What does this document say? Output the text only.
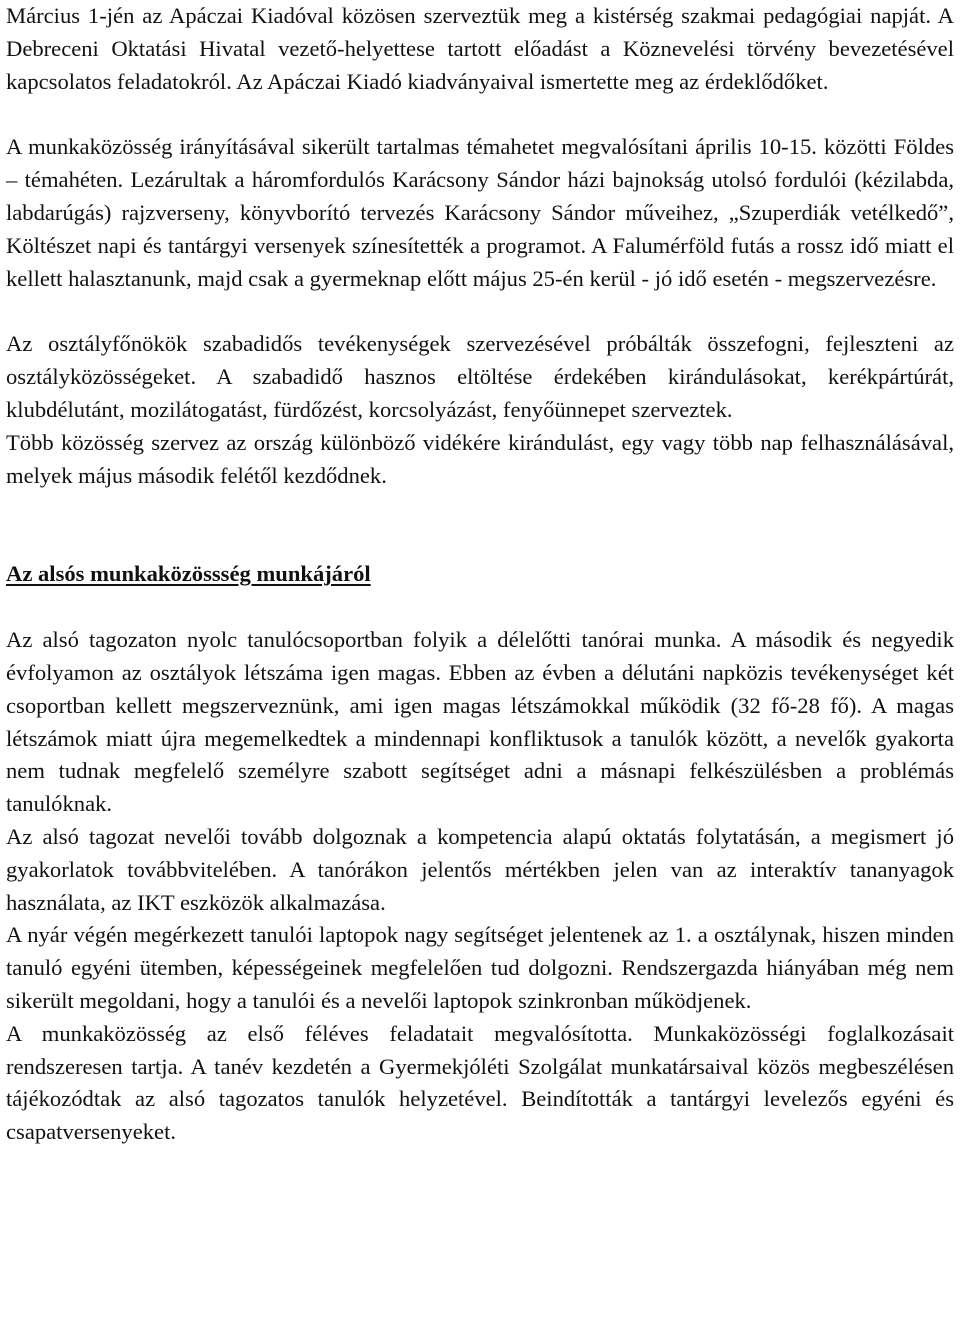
Március 1-jén az Apáczai Kiadóval közösen szerveztük meg a kistérség szakmai pedagógiai napját. A Debreceni Oktatási Hivatal vezető-helyettese tartott előadást a Köznevelési törvény bevezetésével kapcsolatos feladatokról. Az Apáczai Kiadó kiadványaival ismertette meg az érdeklődőket.

A munkaközösség irányításával sikerült tartalmas témahetet megvalósítani április 10-15. közötti Földes – témahéten. Lezárultak a háromfordulós Karácsony Sándor házi bajnokság utolsó fordulói (kézilabda, labdarúgás) rajzverseny, könyvborító tervezés Karácsony Sándor műveihez, „Szuperdiák vetélkedő”, Költészet napi és tantárgyi versenyek színesítették a programot. A Falumérföld futás a rossz idő miatt el kellett halasztanunk, majd csak a gyermeknap előtt május 25-én kerül - jó idő esetén - megszervezésre.

Az osztályfőnökök szabadidős tevékenységek szervezésével próbálták összefogni, fejleszteni az osztályközösségeket. A szabadidő hasznos eltöltése érdekében kirándulásokat, kerékpártúrát, klubdélutánt, mozilátogatást, fürdőzést, korcsolyázást, fenyőünnepet szerveztek.

Több közösség szervez az ország különböző vidékére kirándulást, egy vagy több nap felhasználásával, melyek május második felétől kezdődnek.

Az alsós munkaközössség munkájáról

Az alsó tagozaton nyolc tanulócsoportban folyik a délelőtti tanórai munka. A második és negyedik évfolyamon az osztályok létszáma igen magas. Ebben az évben a délutáni napközis tevékenységet két csoportban kellett megszerveznünk, ami igen magas létszámokkal működik (32 fő-28 fő). A magas létszámok miatt újra megemelkedtek a mindennapi konfliktusok a tanulók között, a nevelők gyakorta nem tudnak megfelelő személyre szabott segítséget adni a másnapi felkészülésben a problémás tanulóknak.

Az alsó tagozat nevelői tovább dolgoznak a kompetencia alapú oktatás folytatásán, a megismert jó gyakorlatok továbbvitelében. A tanórákon jelentős mértékben jelen van az interaktív tananyagok használata, az IKT eszközök alkalmazása.

A nyár végén megérkezett tanulói laptopok nagy segítséget jelentenek az 1. a osztálynak, hiszen minden tanuló egyéni ütemben, képességeinek megfelelően tud dolgozni. Rendszergazda hiányában még nem sikerült megoldani, hogy a tanulói és a nevelői laptopok szinkronban működjenek.

A munkaközösség az első féléves feladatait megvalósította. Munkaközösségi foglalkozásait rendszeresen tartja. A tanév kezdetén a Gyermekjóléti Szolgálat munkatársaival közös megbeszélésen tájékozódtak az alsó tagozatos tanulók helyzetével. Beindították a tantárgyi levelezős egyéni és csapatversenyeket.
